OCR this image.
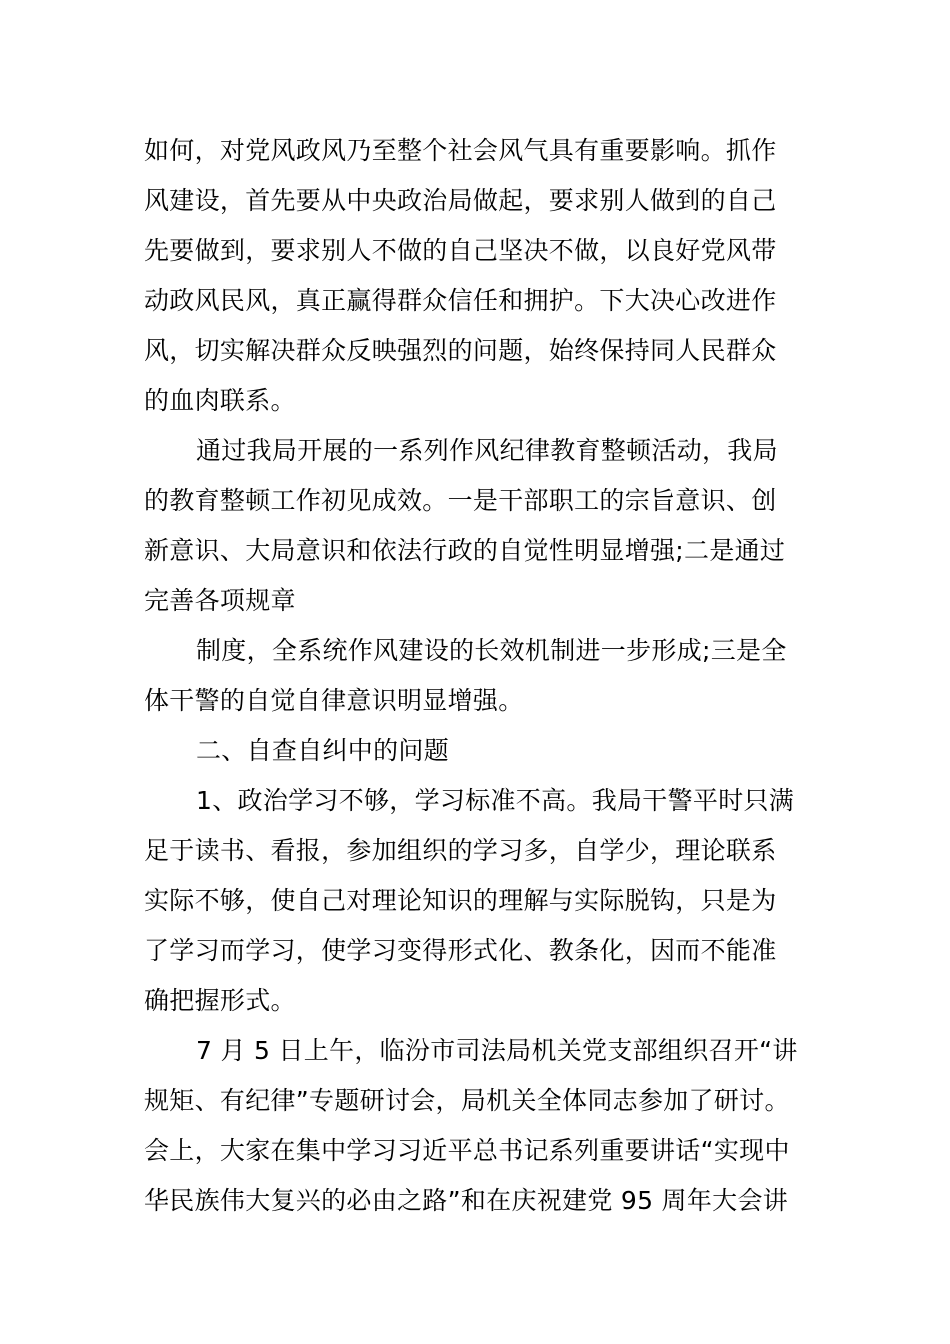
如何，对党风政风乃至整个社会风气具有重要影响。抓作
风建设，首先要从中央政治局做起，要求别人做到的自己
先要做到，要求别人不做的自己坚决不做，以良好党风带
动政风民风，真正赢得群众信任和拥护。下大决心改进作
风，切实解决群众反映强烈的问题，始终保持同人民群众
的血肉联系。
通过我局开展的一系列作风纪律教育整顿活动，我局
的教育整顿工作初见成效。一是干部职工的宗旨意识、创
新意识、大局意识和依法行政的自觉性明显增强;二是通过
完善各项规章
制度，全系统作风建设的长效机制进一步形成;三是全
体干警的自觉自律意识明显增强。
二、自查自纠中的问题
1、政治学习不够，学习标准不高。我局干警平时只满
足于读书、看报，参加组织的学习多，自学少，理论联系
实际不够，使自己对理论知识的理解与实际脱钩，只是为
了学习而学习，使学习变得形式化、教条化，因而不能准
确把握形式。
7 月 5 日上午，临汾市司法局机关党支部组织召开“讲
规矩、有纪律”专题研讨会，局机关全体同志参加了研讨。
会上，大家在集中学习习近平总书记系列重要讲话“实现中
华民族伟大复兴的必由之路”和在庆祝建党 95 周年大会讲
